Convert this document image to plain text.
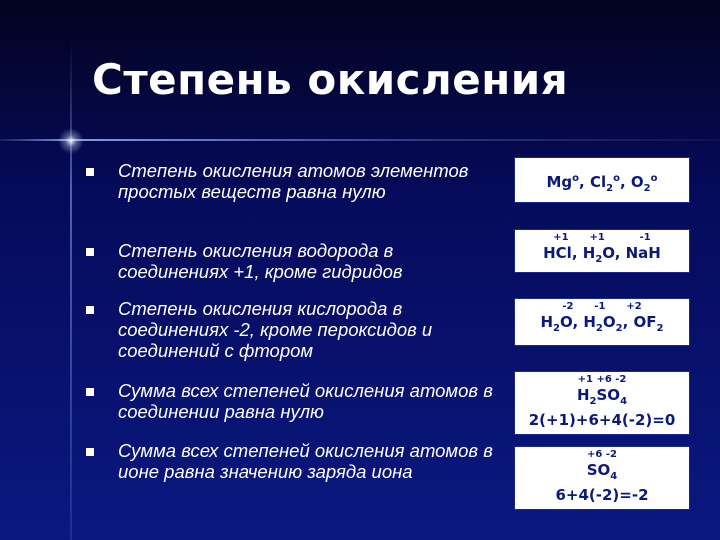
Степень окисления
Степень окисления атомов элементов простых веществ равна нулю
Степень окисления водорода в соединениях +1, кроме гидридов
Степень окисления кислорода в соединениях -2, кроме пероксидов и соединений с фтором
Сумма всех степеней окисления атомов в соединении равна нулю
Сумма всех степеней окисления атомов в ионе равна значению заряда иона
Mg$^o$, $Cl_2^o$, $O_2^o$
+1      +1          -1
HCl, $H_2O$, NaH
-2      -1      +2
$H_2O$, $H_2O_2$, $OF_2$
+1 +6 -2
$H_2SO_4$
2(+1)+6+4(-2)=0
+6 -2
$SO_4$
6+4(-2)=-2
